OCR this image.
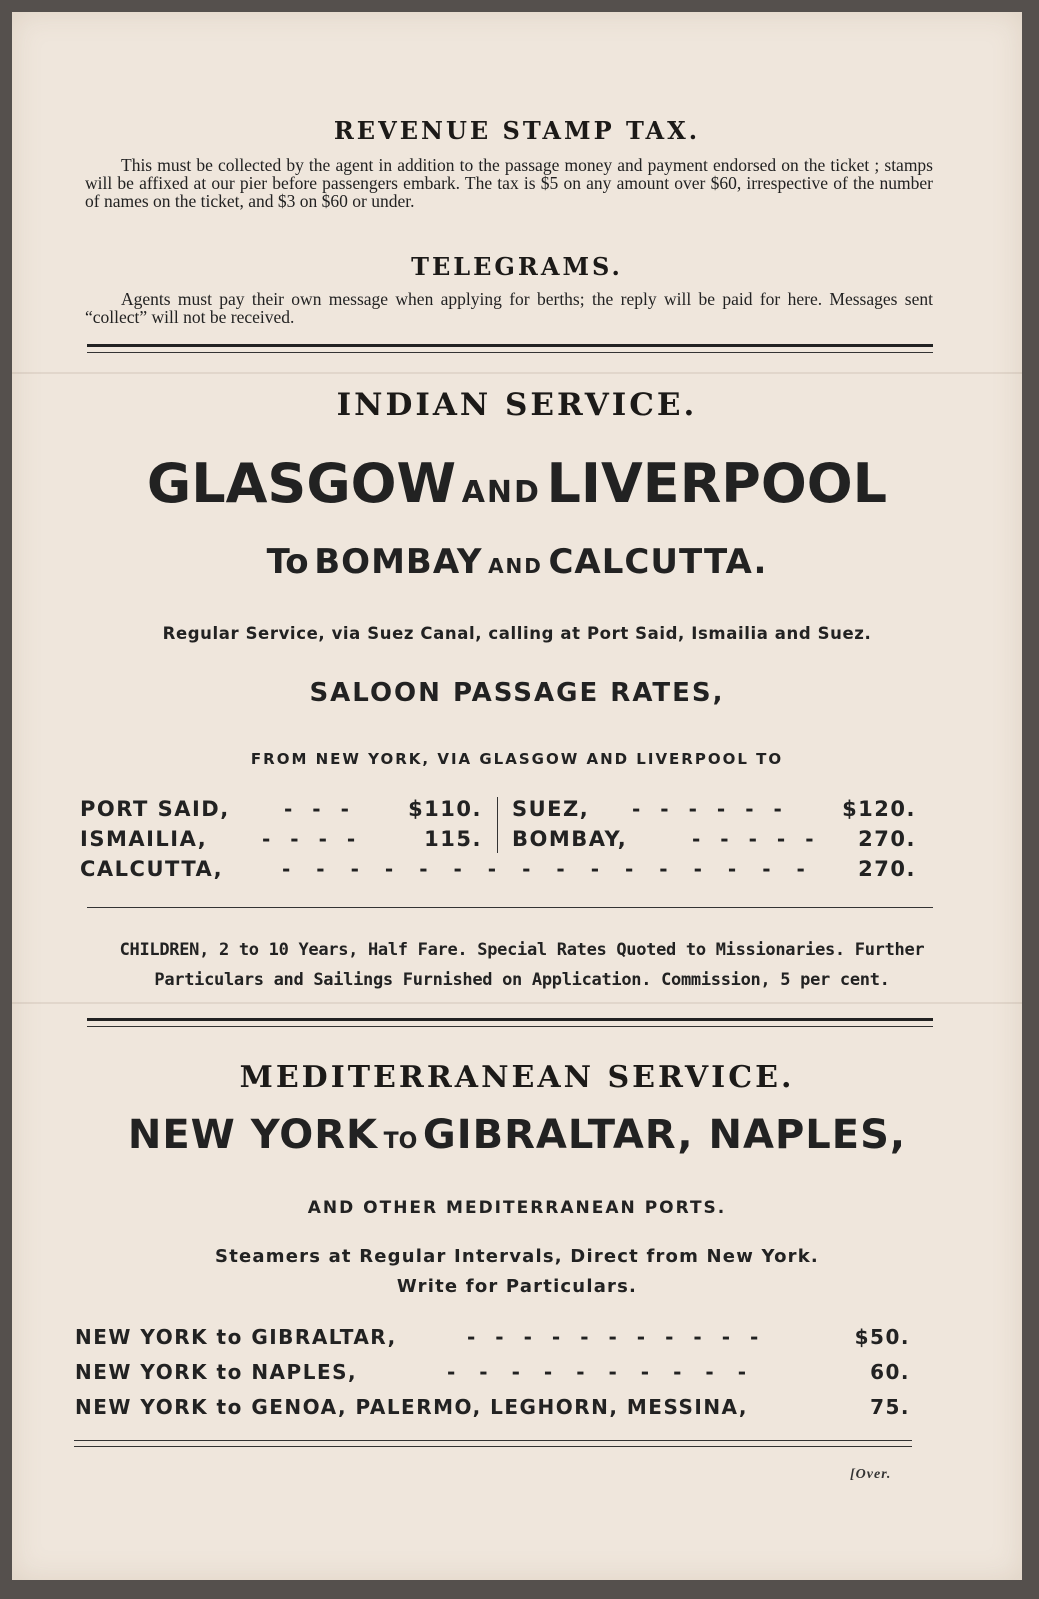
REVENUE STAMP TAX.
This must be collected by the agent in addition to the passage money and payment endorsed on the ticket ; stamps will be affixed at our pier before passengers embark. The tax is $5 on any amount over $60, irrespective of the number of names on the ticket, and $3 on $60 or under.
TELEGRAMS.
Agents must pay their own message when applying for berths; the reply will be paid for here. Messages sent “collect” will not be received.
INDIAN SERVICE.
GLASGOW AND LIVERPOOL
To BOMBAY AND CALCUTTA.
Regular Service, via Suez Canal, calling at Port Said, Ismailia and Suez.
SALOON PASSAGE RATES,
FROM NEW YORK, VIA GLASGOW AND LIVERPOOL TO
PORT SAID,	---	$110.
ISMAILIA,	----	115.
SUEZ, ------	$120.
BOMBAY,	-----	270.
CALCUTTA,	----------------	270.
CHILDREN, 2 to 10 Years, Half Fare. Special Rates Quoted to Missionaries. Further
Particulars and Sailings Furnished on Application. Commission, 5 per cent.
MEDITERRANEAN SERVICE.
NEW YORK TO GIBRALTAR, NAPLES,
AND OTHER MEDITERRANEAN PORTS.
Steamers at Regular Intervals, Direct from New York.
Write for Particulars.
NEW YORK to GIBRALTAR,	-----------	$50.
NEW YORK to NAPLES,	----------	60.
NEW YORK to GENOA, PALERMO, LEGHORN, MESSINA,	75.
[Over.
